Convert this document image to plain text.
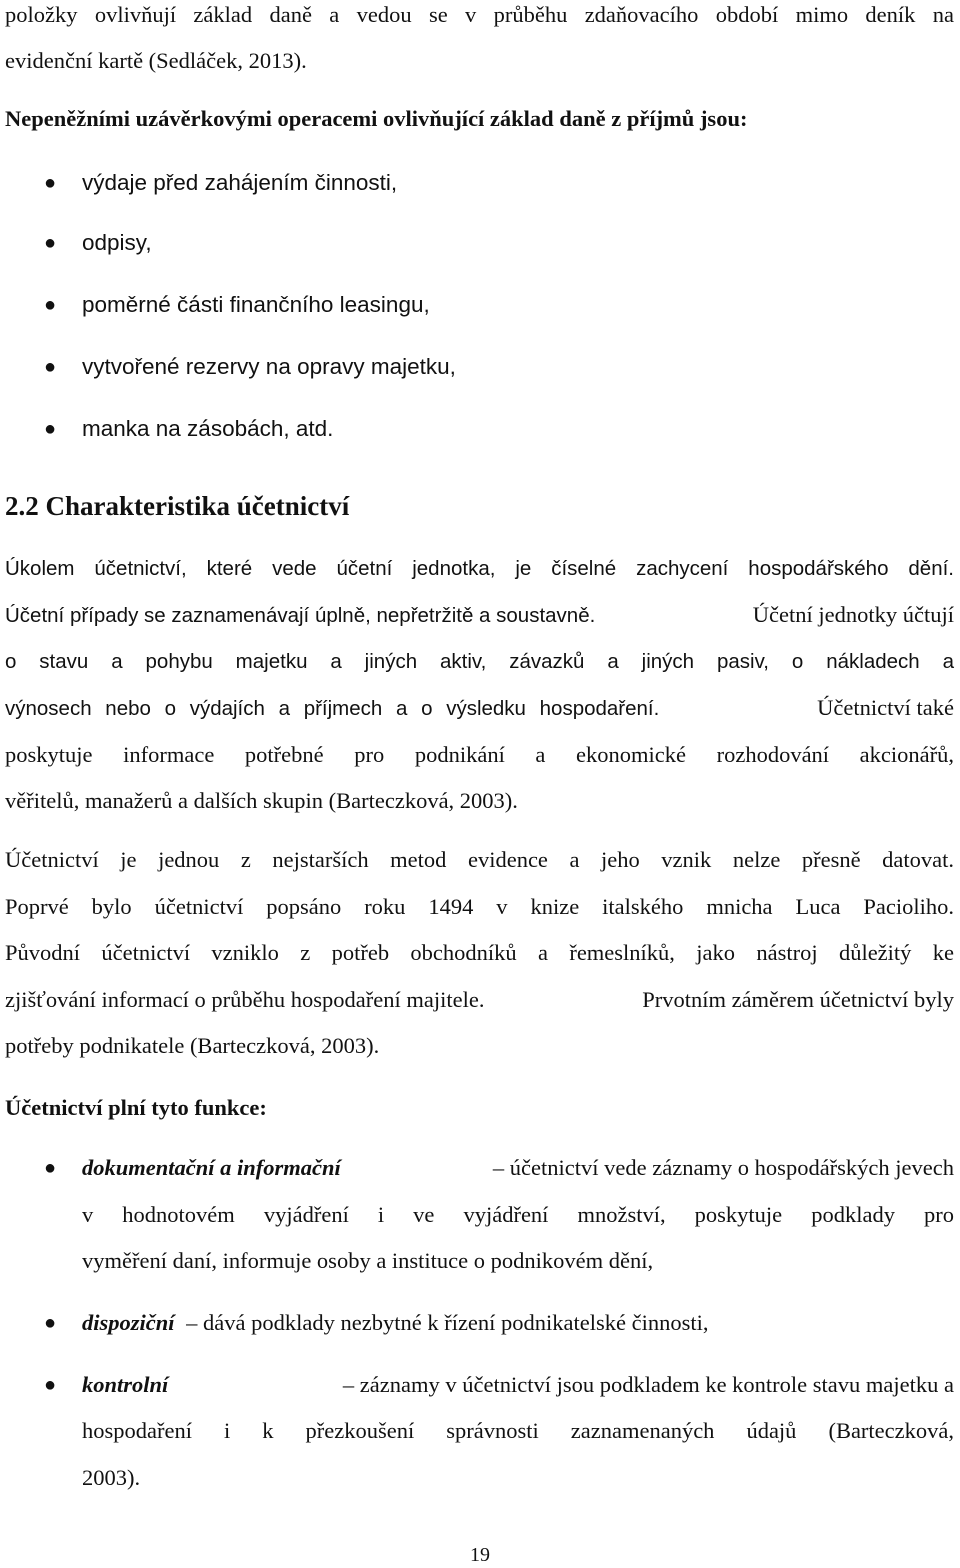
položky ovlivňují základ daně a vedou se v průběhu zdaňovacího období mimo deník na
evidenční kartě (Sedláček, 2013).
Nepeněžními uzávěrkovými operacemi ovlivňující základ daně z příjmů jsou:
● výdaje před zahájením činnosti,
● odpisy,
● poměrné části finančního leasingu,
● vytvořené rezervy na opravy majetku,
● manka na zásobách, atd.
2.2 Charakteristika účetnictví
Úkolem účetnictví, které vede účetní jednotka, je číselné zachycení hospodářského dění.
Účetní případy se zaznamenávají úplně, nepřetržitě a soustavně.	Účetní jednotky účtují
o stavu a pohybu majetku a jiných aktiv, závazků a jiných pasiv, o nákladech a
výnosech nebo o výdajích a příjmech a o výsledku hospodaření.	Účetnictví také
poskytuje informace potřebné pro podnikání a ekonomické rozhodování akcionářů,
věřitelů, manažerů a dalších skupin (Barteczková, 2003).
Účetnictví je jednou z nejstarších metod evidence a jeho vznik nelze přesně datovat.
Poprvé bylo účetnictví popsáno roku 1494 v knize italského mnicha Luca Pacioliho.
Původní účetnictví vzniklo z potřeb obchodníků a řemeslníků, jako nástroj důležitý ke
zjišťování informací o průběhu hospodaření majitele.	Prvotním záměrem účetnictví byly
potřeby podnikatele (Barteczková, 2003).
Účetnictví plní tyto funkce:
● dokumentační a informační	– účetnictví vede záznamy o hospodářských jevech
v hodnotovém vyjádření i ve vyjádření množství, poskytuje podklady pro
vyměření daní, informuje osoby a instituce o podnikovém dění,
● dispoziční – dává podklady nezbytné k řízení podnikatelské činnosti,
● kontrolní	– záznamy v účetnictví jsou podkladem ke kontrole stavu majetku a
hospodaření i k přezkoušení správnosti zaznamenaných údajů (Barteczková,
2003).
19
